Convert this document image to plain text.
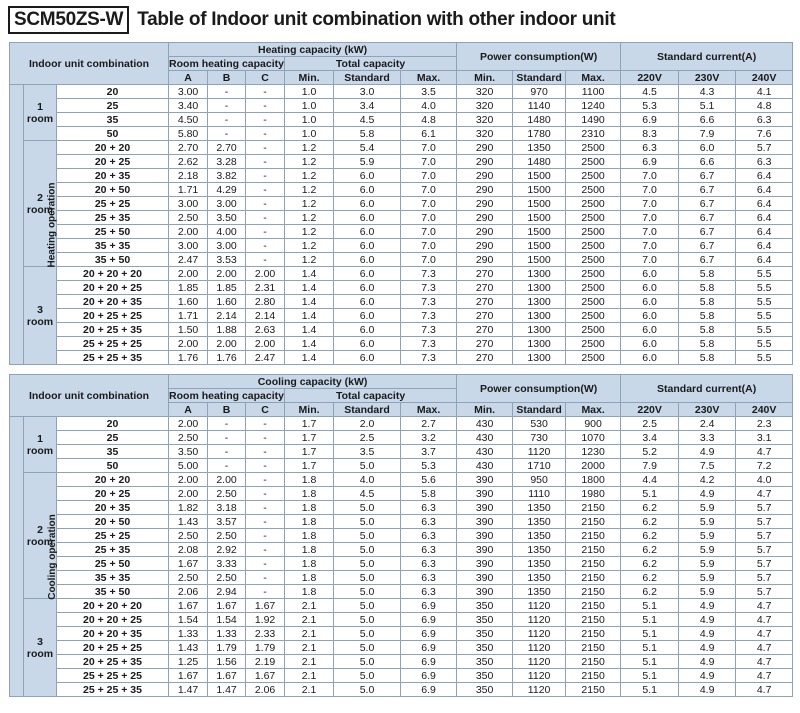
SCM50ZS-W Table of Indoor unit combination with other indoor unit
Indoor unit combination			Heating capacity (kW)						Power consumption(W)			Standard current(A)		
			Room heating capacity			Total capacity								
			A	B	C	Min.	Standard	Max.	Min.	Standard	Max.	220V	230V	240V
Heating operation	1
room	20	3.00	-	-	1.0	3.0	3.5	320	970	1100	4.5	4.3	4.1
		25	3.40	-	-	1.0	3.4	4.0	320	1140	1240	5.3	5.1	4.8
		35	4.50	-	-	1.0	4.5	4.8	320	1480	1490	6.9	6.6	6.3
		50	5.80	-	-	1.0	5.8	6.1	320	1780	2310	8.3	7.9	7.6

	2
room	20 + 20	2.70	2.70	-	1.2	5.4	7.0	290	1350	2500	6.3	6.0	5.7
		20 + 25	2.62	3.28	-	1.2	5.9	7.0	290	1480	2500	6.9	6.6	6.3
		20 + 35	2.18	3.82	-	1.2	6.0	7.0	290	1500	2500	7.0	6.7	6.4
		20 + 50	1.71	4.29	-	1.2	6.0	7.0	290	1500	2500	7.0	6.7	6.4
		25 + 25	3.00	3.00	-	1.2	6.0	7.0	290	1500	2500	7.0	6.7	6.4
		25 + 35	2.50	3.50	-	1.2	6.0	7.0	290	1500	2500	7.0	6.7	6.4
		25 + 50	2.00	4.00	-	1.2	6.0	7.0	290	1500	2500	7.0	6.7	6.4
		35 + 35	3.00	3.00	-	1.2	6.0	7.0	290	1500	2500	7.0	6.7	6.4
		35 + 50	2.47	3.53	-	1.2	6.0	7.0	290	1500	2500	7.0	6.7	6.4

	3
room	20 + 20 + 20	2.00	2.00	2.00	1.4	6.0	7.3	270	1300	2500	6.0	5.8	5.5
		20 + 20 + 25	1.85	1.85	2.31	1.4	6.0	7.3	270	1300	2500	6.0	5.8	5.5
		20 + 20 + 35	1.60	1.60	2.80	1.4	6.0	7.3	270	1300	2500	6.0	5.8	5.5
		20 + 25 + 25	1.71	2.14	2.14	1.4	6.0	7.3	270	1300	2500	6.0	5.8	5.5
		20 + 25 + 35	1.50	1.88	2.63	1.4	6.0	7.3	270	1300	2500	6.0	5.8	5.5
		25 + 25 + 25	2.00	2.00	2.00	1.4	6.0	7.3	270	1300	2500	6.0	5.8	5.5
		25 + 25 + 35	1.76	1.76	2.47	1.4	6.0	7.3	270	1300	2500	6.0	5.8	5.5
Indoor unit combination			Cooling capacity (kW)						Power consumption(W)			Standard current(A)		
			Room heating capacity			Total capacity								
			A	B	C	Min.	Standard	Max.	Min.	Standard	Max.	220V	230V	240V
Cooling operation	1
room	20	2.00	-	-	1.7	2.0	2.7	430	530	900	2.5	2.4	2.3
		25	2.50	-	-	1.7	2.5	3.2	430	730	1070	3.4	3.3	3.1
		35	3.50	-	-	1.7	3.5	3.7	430	1120	1230	5.2	4.9	4.7
		50	5.00	-	-	1.7	5.0	5.3	430	1710	2000	7.9	7.5	7.2

	2
room	20 + 20	2.00	2.00	-	1.8	4.0	5.6	390	950	1800	4.4	4.2	4.0
		20 + 25	2.00	2.50	-	1.8	4.5	5.8	390	1110	1980	5.1	4.9	4.7
		20 + 35	1.82	3.18	-	1.8	5.0	6.3	390	1350	2150	6.2	5.9	5.7
		20 + 50	1.43	3.57	-	1.8	5.0	6.3	390	1350	2150	6.2	5.9	5.7
		25 + 25	2.50	2.50	-	1.8	5.0	6.3	390	1350	2150	6.2	5.9	5.7
		25 + 35	2.08	2.92	-	1.8	5.0	6.3	390	1350	2150	6.2	5.9	5.7
		25 + 50	1.67	3.33	-	1.8	5.0	6.3	390	1350	2150	6.2	5.9	5.7
		35 + 35	2.50	2.50	-	1.8	5.0	6.3	390	1350	2150	6.2	5.9	5.7
		35 + 50	2.06	2.94	-	1.8	5.0	6.3	390	1350	2150	6.2	5.9	5.7

	3
room	20 + 20 + 20	1.67	1.67	1.67	2.1	5.0	6.9	350	1120	2150	5.1	4.9	4.7
		20 + 20 + 25	1.54	1.54	1.92	2.1	5.0	6.9	350	1120	2150	5.1	4.9	4.7
		20 + 20 + 35	1.33	1.33	2.33	2.1	5.0	6.9	350	1120	2150	5.1	4.9	4.7
		20 + 25 + 25	1.43	1.79	1.79	2.1	5.0	6.9	350	1120	2150	5.1	4.9	4.7
		20 + 25 + 35	1.25	1.56	2.19	2.1	5.0	6.9	350	1120	2150	5.1	4.9	4.7
		25 + 25 + 25	1.67	1.67	1.67	2.1	5.0	6.9	350	1120	2150	5.1	4.9	4.7
		25 + 25 + 35	1.47	1.47	2.06	2.1	5.0	6.9	350	1120	2150	5.1	4.9	4.7
